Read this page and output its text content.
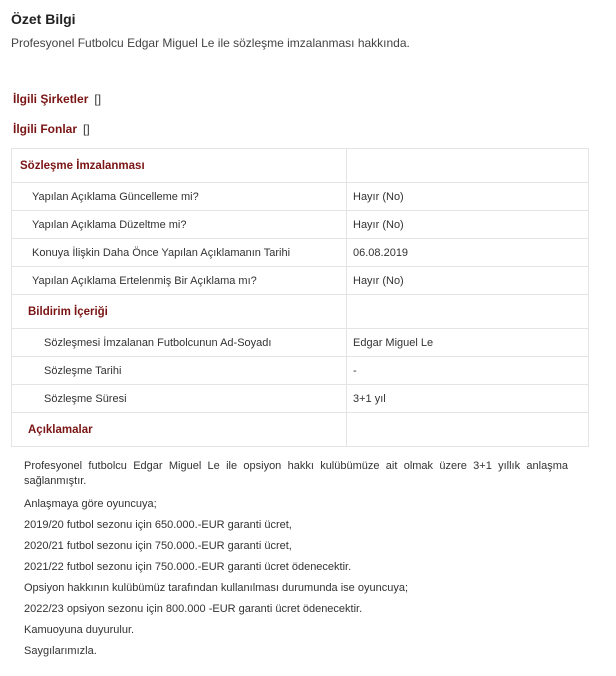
Özet Bilgi
Profesyonel Futbolcu Edgar Miguel Le ile sözleşme imzalanması hakkında.
İlgili Şirketler []
İlgili Fonlar []
Sözleşme İmzalanması	
Yapılan Açıklama Güncelleme mi?	Hayır (No)
Yapılan Açıklama Düzeltme mi?	Hayır (No)
Konuya İlişkin Daha Önce Yapılan Açıklamanın Tarihi	06.08.2019
Yapılan Açıklama Ertelenmiş Bir Açıklama mı?	Hayır (No)
Bildirim İçeriği	
Sözleşmesi İmzalanan Futbolcunun Ad-Soyadı	Edgar Miguel Le
Sözleşme Tarihi	-
Sözleşme Süresi	3+1 yıl
Açıklamalar	

Profesyonel futbolcu Edgar Miguel Le ile opsiyon hakkı kulübümüze ait olmak üzere 3+1 yıllık anlaşma sağlanmıştır.

Anlaşmaya göre oyuncuya;

2019/20 futbol sezonu için 650.000.-EUR garanti ücret,

2020/21 futbol sezonu için 750.000.-EUR garanti ücret,

2021/22 futbol sezonu için 750.000.-EUR garanti ücret ödenecektir.

Opsiyon hakkının kulübümüz tarafından kullanılması durumunda ise oyuncuya;

2022/23 opsiyon sezonu için 800.000 -EUR garanti ücret ödenecektir.

Kamuoyuna duyurulur.

Saygılarımızla.
